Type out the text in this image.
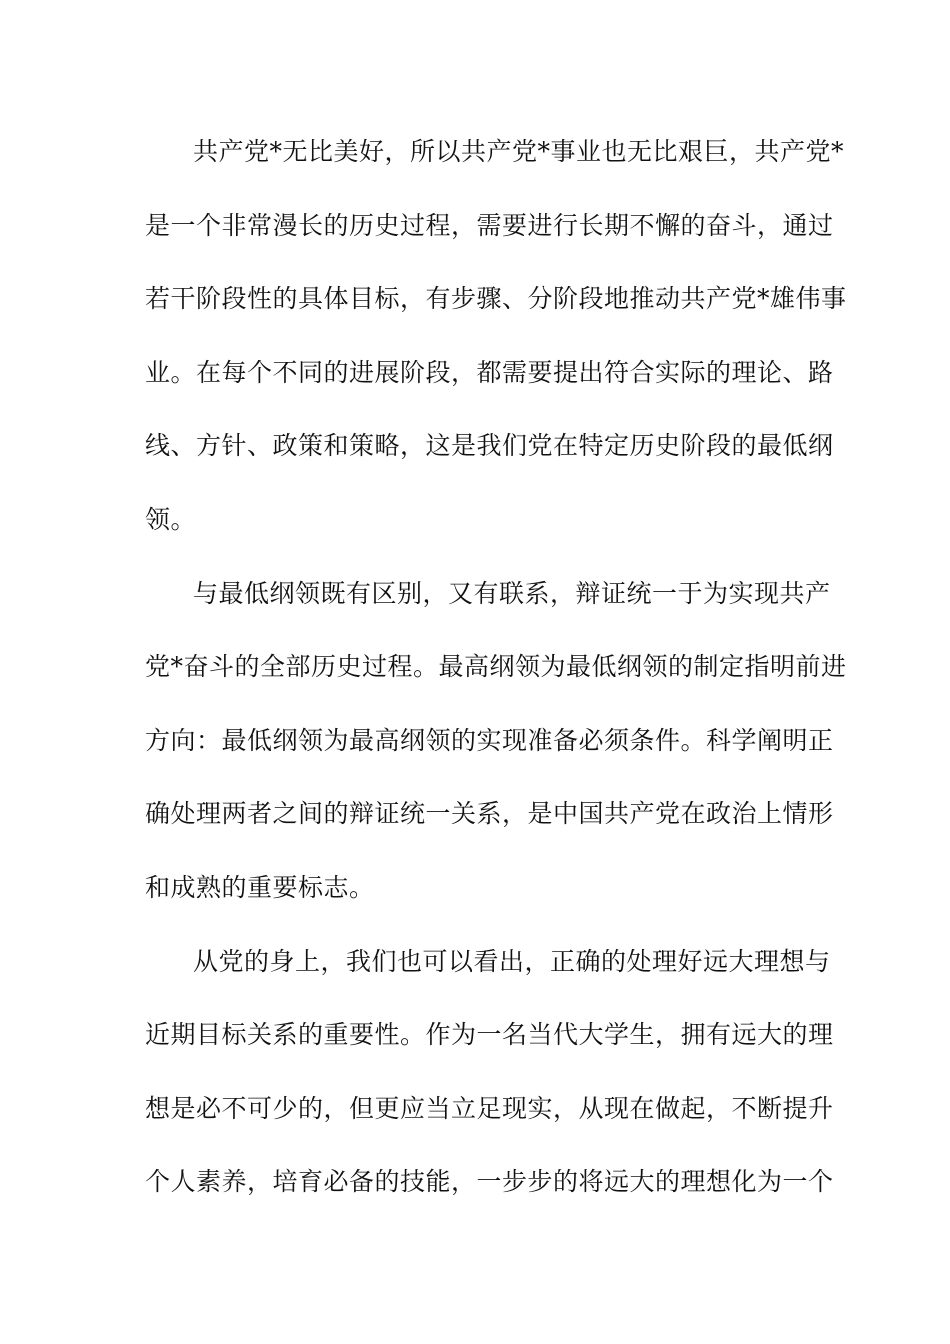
共产党*无比美好，所以共产党*事业也无比艰巨，共产党*
是一个非常漫长的历史过程，需要进行长期不懈的奋斗，通过
若干阶段性的具体目标，有步骤、分阶段地推动共产党*雄伟事
业。在每个不同的进展阶段，都需要提出符合实际的理论、路
线、方针、政策和策略，这是我们党在特定历史阶段的最低纲
领。
与最低纲领既有区别，又有联系，辩证统一于为实现共产
党*奋斗的全部历史过程。最高纲领为最低纲领的制定指明前进
方向：最低纲领为最高纲领的实现准备必须条件。科学阐明正
确处理两者之间的辩证统一关系，是中国共产党在政治上情形
和成熟的重要标志。
从党的身上，我们也可以看出，正确的处理好远大理想与
近期目标关系的重要性。作为一名当代大学生，拥有远大的理
想是必不可少的，但更应当立足现实，从现在做起，不断提升
个人素养，培育必备的技能，一步步的将远大的理想化为一个
